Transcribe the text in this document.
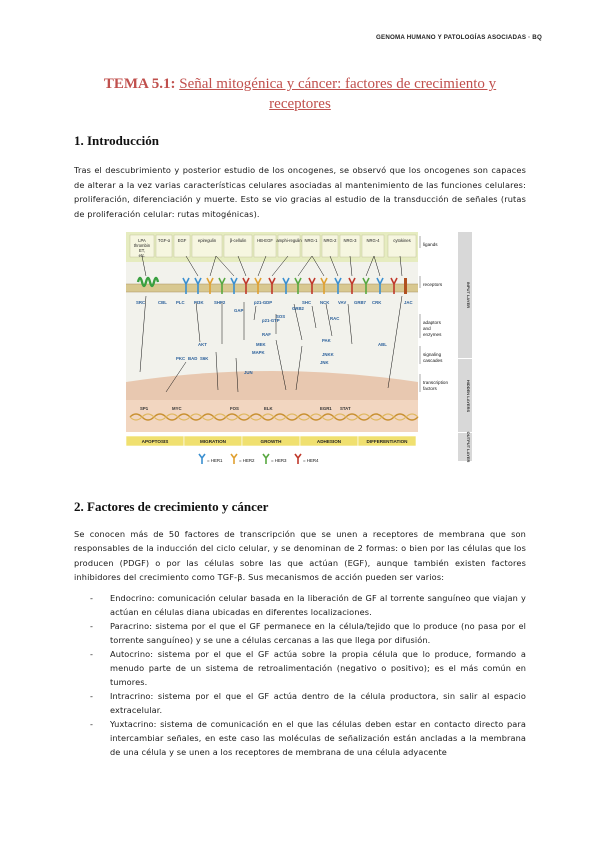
GENOMA HUMANO Y PATOLOGÍAS ASOCIADAS · BQ
TEMA 5.1: Señal mitogénica y cáncer: factores de crecimiento y
receptores
1. Introducción

Tras el descubrimiento y posterior estudio de los oncogenes, se observó que los oncogenes son capaces de alterar a la vez varias características celulares asociadas al mantenimiento de las funciones celulares: proliferación, diferenciación y muerte. Esto se vio gracias al estudio de la transducción de señales (rutas de proliferación celular: rutas mitogénicas).

LPA
thrombin
ET,
etc.
TGF-α EGF	epiregulin	β-cellulin	HB-EGF amphi-regulin NRG-1 NRG-2 NRG-3 NRG-4	cytokines
SRC	CBL PLC PI3K SHP2
GAP
p21-GDP
p21-GTP
SOS
GRB2
SHC NCK VAV GRB7 CRK	JAC
AKT
PKC BAD S6K
RAF
MEK
MAPK
PAK
RAC
JNKK
JNK
ABL
JUN
SP1	MYC	FOS	ELK	EGR1 STAT
APOPTOSIS	MIGRATION	GROWTH	ADHESION	DIFFERENTIATION
ligands
receptors
adaptors
and
enzymes
signaling
cascades
transcription
factors
INPUT LAYER
HIDDEN LAYERS
OUTPUT LAYER
= HER1	= HER2	= HER3	= HER4
2. Factores de crecimiento y cáncer

Se conocen más de 50 factores de transcripción que se unen a receptores de membrana que son responsables de la inducción del ciclo celular, y se denominan de 2 formas: o bien por las células que los producen (PDGF) o por las células sobre las que actúan (EGF), aunque también existen factores inhibidores del crecimiento como TGF-β. Sus mecanismos de acción pueden ser varios:

- Endocrino: comunicación celular basada en la liberación de GF al torrente sanguíneo que viajan y actúan en células diana ubicadas en diferentes localizaciones.
- Paracrino: sistema por el que el GF permanece en la célula/tejido que lo produce (no pasa por el torrente sanguíneo) y se une a células cercanas a las que llega por difusión.
- Autocrino: sistema por el que el GF actúa sobre la propia célula que lo produce, formando a menudo parte de un sistema de retroalimentación (negativo o positivo); es el más común en tumores.
- Intracrino: sistema por el que el GF actúa dentro de la célula productora, sin salir al espacio extracelular.
- Yuxtacrino: sistema de comunicación en el que las células deben estar en contacto directo para intercambiar señales, en este caso las moléculas de señalización están ancladas a la membrana de una célula y se unen a los receptores de membrana de una célula adyacente
